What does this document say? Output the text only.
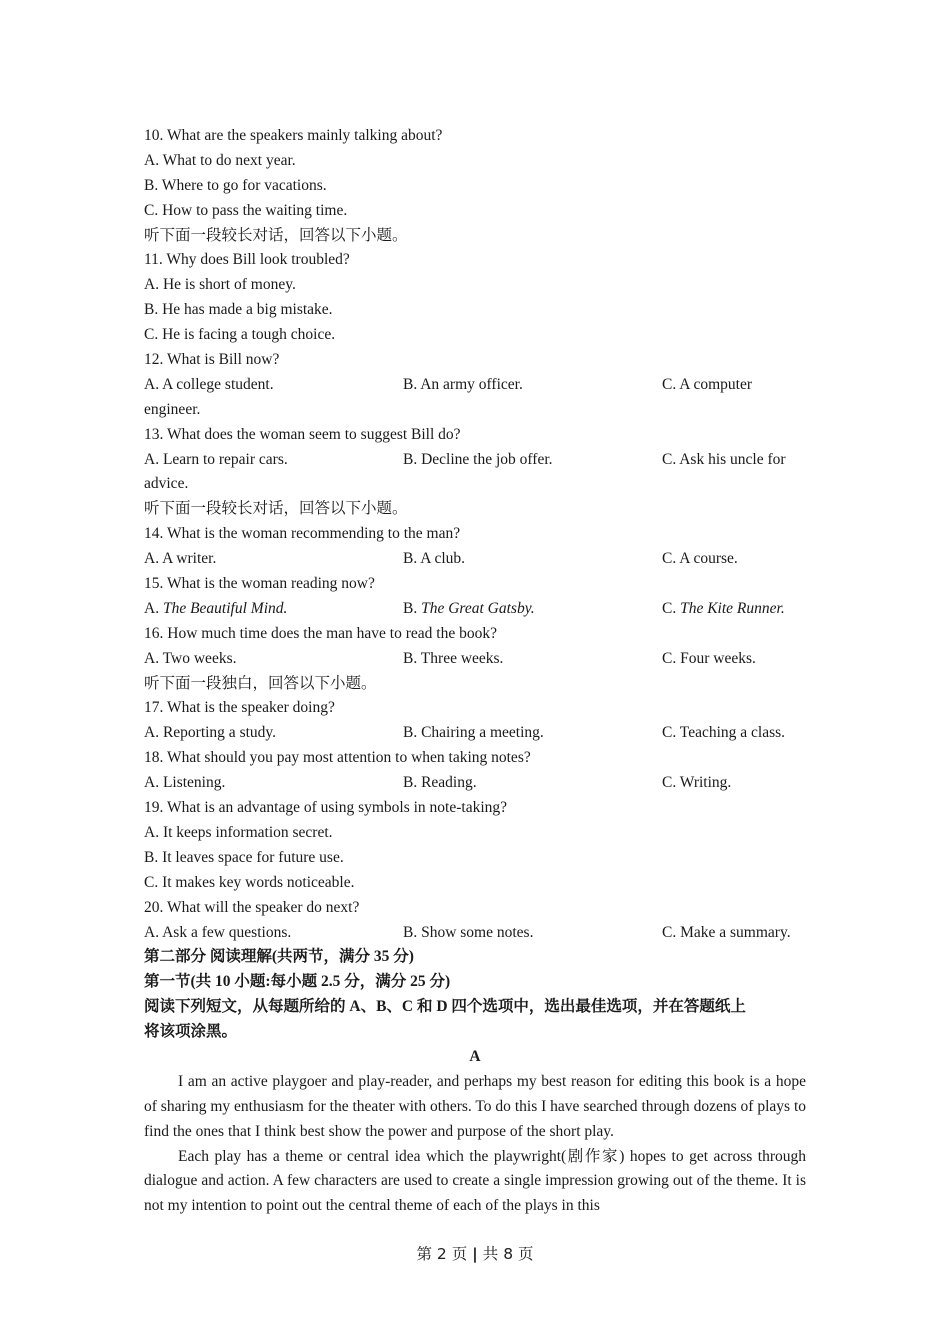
10. What are the speakers mainly talking about?
A. What to do next year.
B. Where to go for vacations.
C. How to pass the waiting time.
听下面一段较长对话，回答以下小题。
11. Why does Bill look troubled?
A. He is short of money.
B. He has made a big mistake.
C. He is facing a tough choice.
12. What is Bill now?
A. A college student.	B. An army officer.	C. A computer
engineer.
13. What does the woman seem to suggest Bill do?
A. Learn to repair cars.	B. Decline the job offer.	C. Ask his uncle for
advice.
听下面一段较长对话，回答以下小题。
14. What is the woman recommending to the man?
A. A writer.	B. A club.	C. A course.
15. What is the woman reading now?
A. The Beautiful Mind.	B. The Great Gatsby.	C. The Kite Runner.
16. How much time does the man have to read the book?
A. Two weeks.	B. Three weeks.	C. Four weeks.
听下面一段独白，回答以下小题。
17. What is the speaker doing?
A. Reporting a study.	B. Chairing a meeting.	C. Teaching a class.
18. What should you pay most attention to when taking notes?
A. Listening.	B. Reading.	C. Writing.
19. What is an advantage of using symbols in note-taking?
A. It keeps information secret.
B. It leaves space for future use.
C. It makes key words noticeable.
20. What will the speaker do next?
A. Ask a few questions.	B. Show some notes.	C. Make a summary.
第二部分 阅读理解(共两节，满分 35 分)
第一节(共 10 小题:每小题 2.5 分，满分 25 分)
阅读下列短文，从每题所给的 A、B、C 和 D 四个选项中，选出最佳选项，并在答题纸上
将该项涂黑。
A

I am an active playgoer and play-reader, and perhaps my best reason for editing this book is a hope of sharing my enthusiasm for the theater with others. To do this I have searched through dozens of plays to find the ones that I think best show the power and purpose of the short play.

Each play has a theme or central idea which the playwright(剧作家) hopes to get across through dialogue and action. A few characters are used to create a single impression growing out of the theme. It is not my intention to point out the central theme of each of the plays in this

第 2 页 | 共 8 页
